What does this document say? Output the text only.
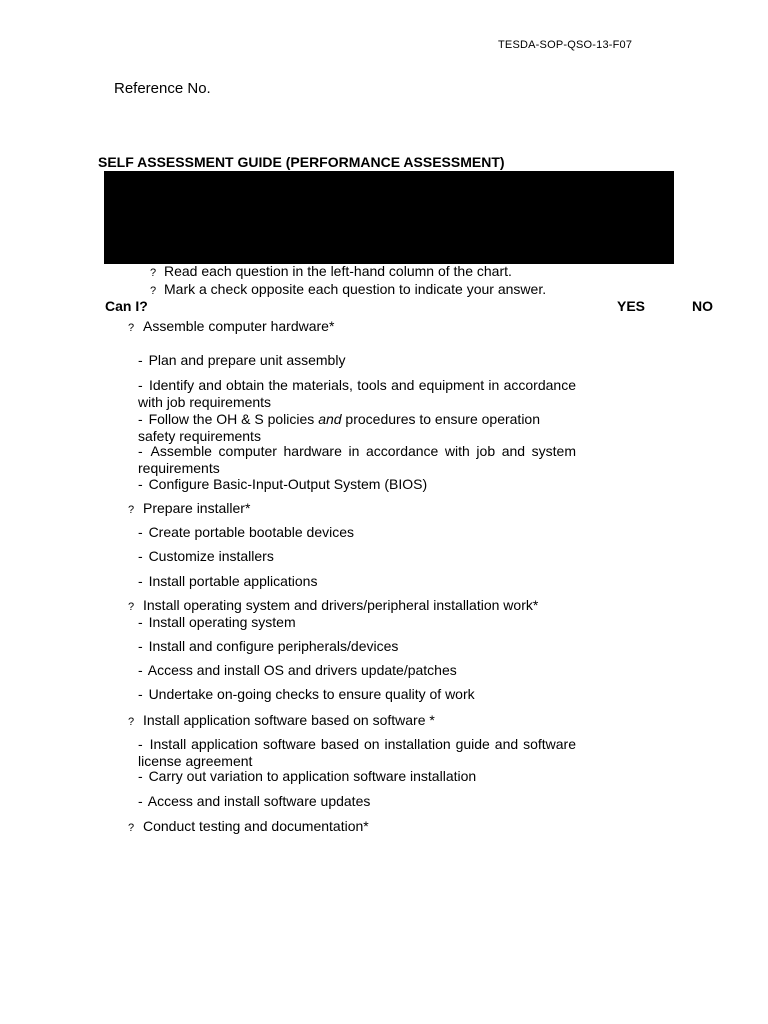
TESDA-SOP-QSO-13-F07
Reference No.
SELF ASSESSMENT GUIDE (PERFORMANCE ASSESSMENT)
? Read each question in the left-hand column of the chart.
? Mark a check opposite each question to indicate your answer.
Can I?	YES	NO
? Assemble computer hardware*
- Plan and prepare unit assembly
- Identify and obtain the materials, tools and equipment in accordance with job requirements
- Follow the OH & S policies and procedures to ensure operation safety requirements
- Assemble computer hardware in accordance with job and system requirements
- Configure Basic-Input-Output System (BIOS)
? Prepare installer*
- Create portable bootable devices
- Customize installers
- Install portable applications
? Install operating system and drivers/peripheral installation work*
- Install operating system
- Install and configure peripherals/devices
- Access and install OS and drivers update/patches
- Undertake on-going checks to ensure quality of work
? Install application software based on software *
- Install application software based on installation guide and software license agreement
- Carry out variation to application software installation
- Access and install software updates
? Conduct testing and documentation*
